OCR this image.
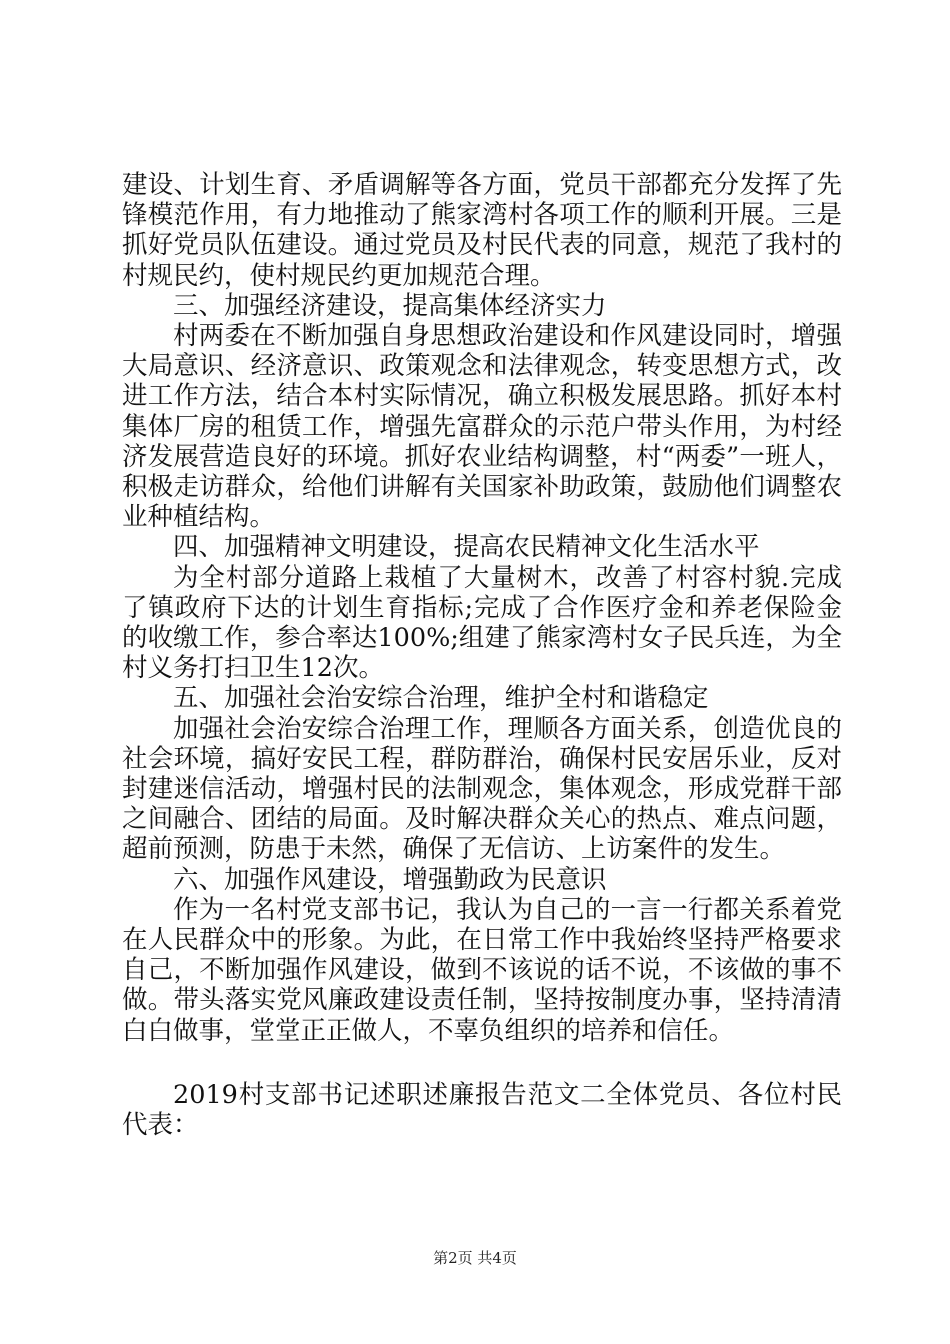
建设、计划生育、矛盾调解等各方面，党员干部都充分发挥了先锋模范作用，有力地推动了熊家湾村各项工作的顺利开展。三是抓好党员队伍建设。通过党员及村民代表的同意，规范了我村的村规民约，使村规民约更加规范合理。

三、加强经济建设，提高集体经济实力

村两委在不断加强自身思想政治建设和作风建设同时，增强大局意识、经济意识、政策观念和法律观念，转变思想方式，改进工作方法，结合本村实际情况，确立积极发展思路。抓好本村集体厂房的租赁工作，增强先富群众的示范户带头作用，为村经济发展营造良好的环境。抓好农业结构调整，村“两委”一班人，积极走访群众，给他们讲解有关国家补助政策，鼓励他们调整农业种植结构。

四、加强精神文明建设，提高农民精神文化生活水平

为全村部分道路上栽植了大量树木，改善了村容村貌.完成了镇政府下达的计划生育指标;完成了合作医疗金和养老保险金的收缴工作，参合率达100%;组建了熊家湾村女子民兵连，为全村义务打扫卫生12次。

五、加强社会治安综合治理，维护全村和谐稳定

加强社会治安综合治理工作，理顺各方面关系，创造优良的社会环境，搞好安民工程，群防群治，确保村民安居乐业，反对封建迷信活动，增强村民的法制观念，集体观念，形成党群干部之间融合、团结的局面。及时解决群众关心的热点、难点问题，超前预测，防患于未然，确保了无信访、上访案件的发生。

六、加强作风建设，增强勤政为民意识

作为一名村党支部书记，我认为自己的一言一行都关系着党在人民群众中的形象。为此，在日常工作中我始终坚持严格要求自己，不断加强作风建设，做到不该说的话不说，不该做的事不做。带头落实党风廉政建设责任制，坚持按制度办事，坚持清清白白做事，堂堂正正做人，不辜负组织的培养和信任。

2019村支部书记述职述廉报告范文二全体党员、各位村民代表：

第2页 共4页
